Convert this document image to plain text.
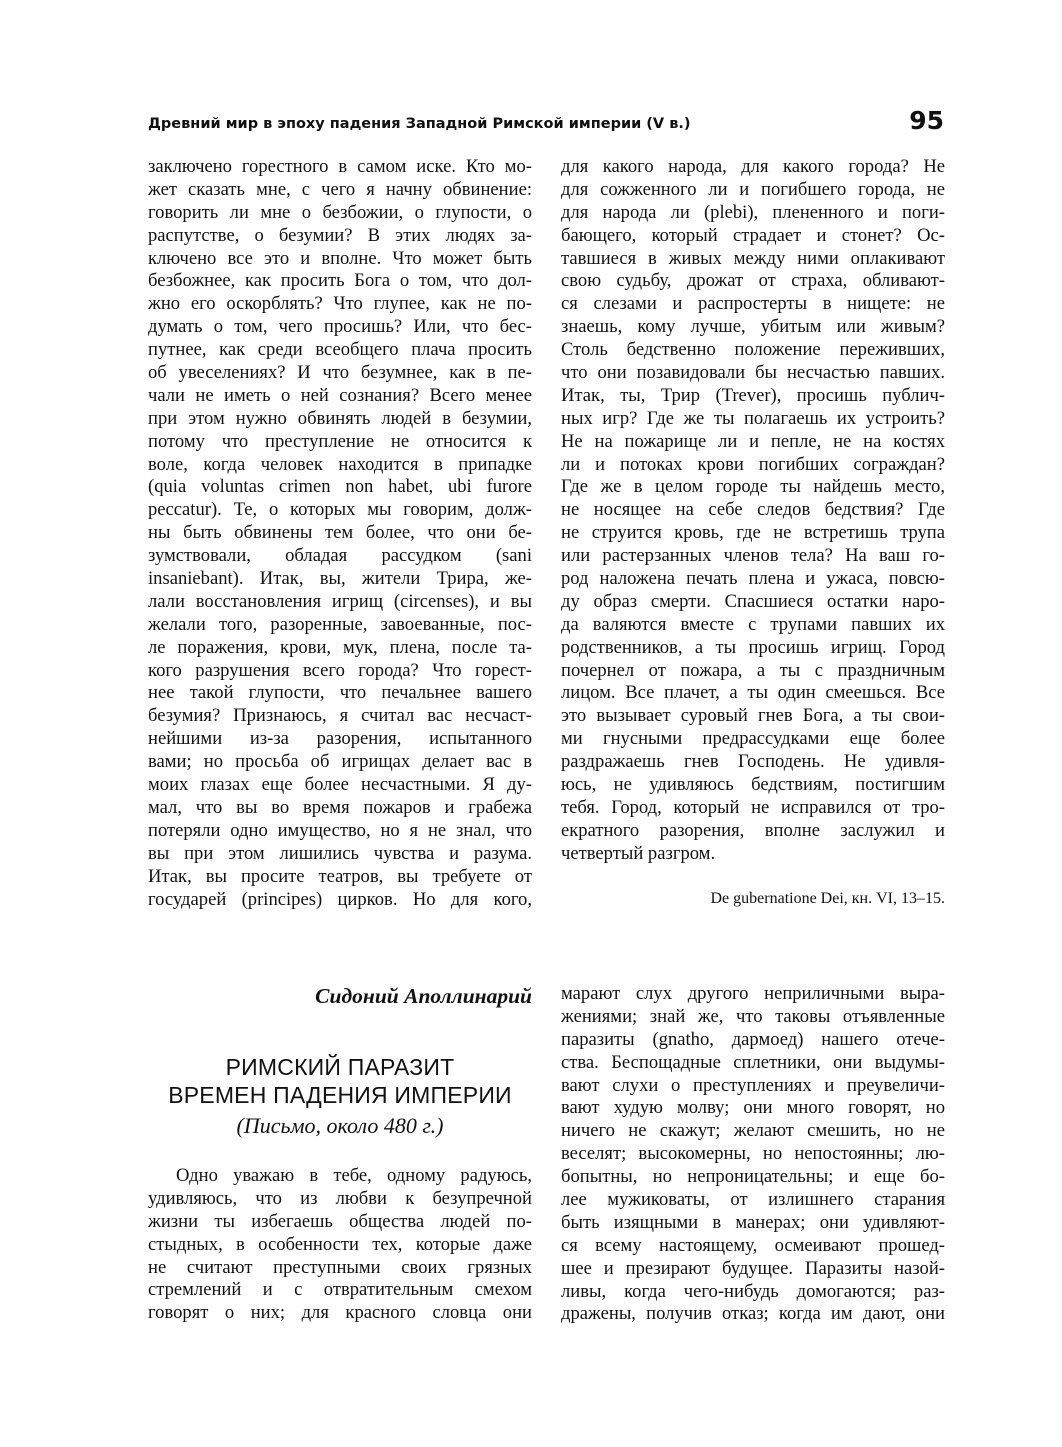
Древний мир в эпоху падения Западной Римской империи (V в.)	95
заключено горестного в самом иске. Кто мо-
жет сказать мне, с чего я начну обвинение:
говорить ли мне о безбожии, о глупости, о
распутстве, о безумии? В этих людях за-
ключено все это и вполне. Что может быть
безбожнее, как просить Бога о том, что дол-
жно его оскорблять? Что глупее, как не по-
думать о том, чего просишь? Или, что бес-
путнее, как среди всеобщего плача просить
об увеселениях? И что безумнее, как в пе-
чали не иметь о ней сознания? Всего менее
при этом нужно обвинять людей в безумии,
потому что преступление не относится к
воле, когда человек находится в припадке
(quia voluntas crimen non habet, ubi furore
peccatur). Те, о которых мы говорим, долж-
ны быть обвинены тем более, что они бе-
зумствовали, обладая рассудком (sani
insaniebant). Итак, вы, жители Трира, же-
лали восстановления игрищ (circenses), и вы
желали того, разоренные, завоеванные, пос-
ле поражения, крови, мук, плена, после та-
кого разрушения всего города? Что горест-
нее такой глупости, что печальнее вашего
безумия? Признаюсь, я считал вас несчаст-
нейшими из-за разорения, испытанного
вами; но просьба об игрищах делает вас в
моих глазах еще более несчастными. Я ду-
мал, что вы во время пожаров и грабежа
потеряли одно имущество, но я не знал, что
вы при этом лишились чувства и разума.
Итак, вы просите театров, вы требуете от
государей (principes) цирков. Но для кого,
для какого народа, для какого города? Не
для сожженного ли и погибшего города, не
для народа ли (plebi), плененного и поги-
бающего, который страдает и стонет? Ос-
тавшиеся в живых между ними оплакивают
свою судьбу, дрожат от страха, обливают-
ся слезами и распростерты в нищете: не
знаешь, кому лучше, убитым или живым?
Столь бедственно положение переживших,
что они позавидовали бы несчастью павших.
Итак, ты, Трир (Trever), просишь публич-
ных игр? Где же ты полагаешь их устроить?
Не на пожарище ли и пепле, не на костях
ли и потоках крови погибших сограждан?
Где же в целом городе ты найдешь место,
не носящее на себе следов бедствия? Где
не струится кровь, где не встретишь трупа
или растерзанных членов тела? На ваш го-
род наложена печать плена и ужаса, повсю-
ду образ смерти. Спасшиеся остатки наро-
да валяются вместе с трупами павших их
родственников, а ты просишь игрищ. Город
почернел от пожара, а ты с праздничным
лицом. Все плачет, а ты один смеешься. Все
это вызывает суровый гнев Бога, а ты свои-
ми гнусными предрассудками еще более
раздражаешь гнев Господень. Не удивля-
юсь, не удивляюсь бедствиям, постигшим
тебя. Город, который не исправился от тро-
екратного разорения, вполне заслужил и
четвертый разгром.
De gubernatione Dei, кн. VI, 13–15.
Сидоний Аполлинарий
РИМСКИЙ ПАРАЗИТ
ВРЕМЕН ПАДЕНИЯ ИМПЕРИИ
(Письмо, около 480 г.)
Одно уважаю в тебе, одному радуюсь,
удивляюсь, что из любви к безупречной
жизни ты избегаешь общества людей по-
стыдных, в особенности тех, которые даже
не считают преступными своих грязных
стремлений и с отвратительным смехом
говорят о них; для красного словца они
марают слух другого неприличными выра-
жениями; знай же, что таковы отъявленные
паразиты (gnatho, дармоед) нашего отече-
ства. Беспощадные сплетники, они выдумы-
вают слухи о преступлениях и преувеличи-
вают худую молву; они много говорят, но
ничего не скажут; желают смешить, но не
веселят; высокомерны, но непостоянны; лю-
бопытны, но непроницательны; и еще бо-
лее мужиковаты, от излишнего старания
быть изящными в манерах; они удивляют-
ся всему настоящему, осмеивают прошед-
шее и презирают будущее. Паразиты назой-
ливы, когда чего-нибудь домогаются; раз-
дражены, получив отказ; когда им дают, они
